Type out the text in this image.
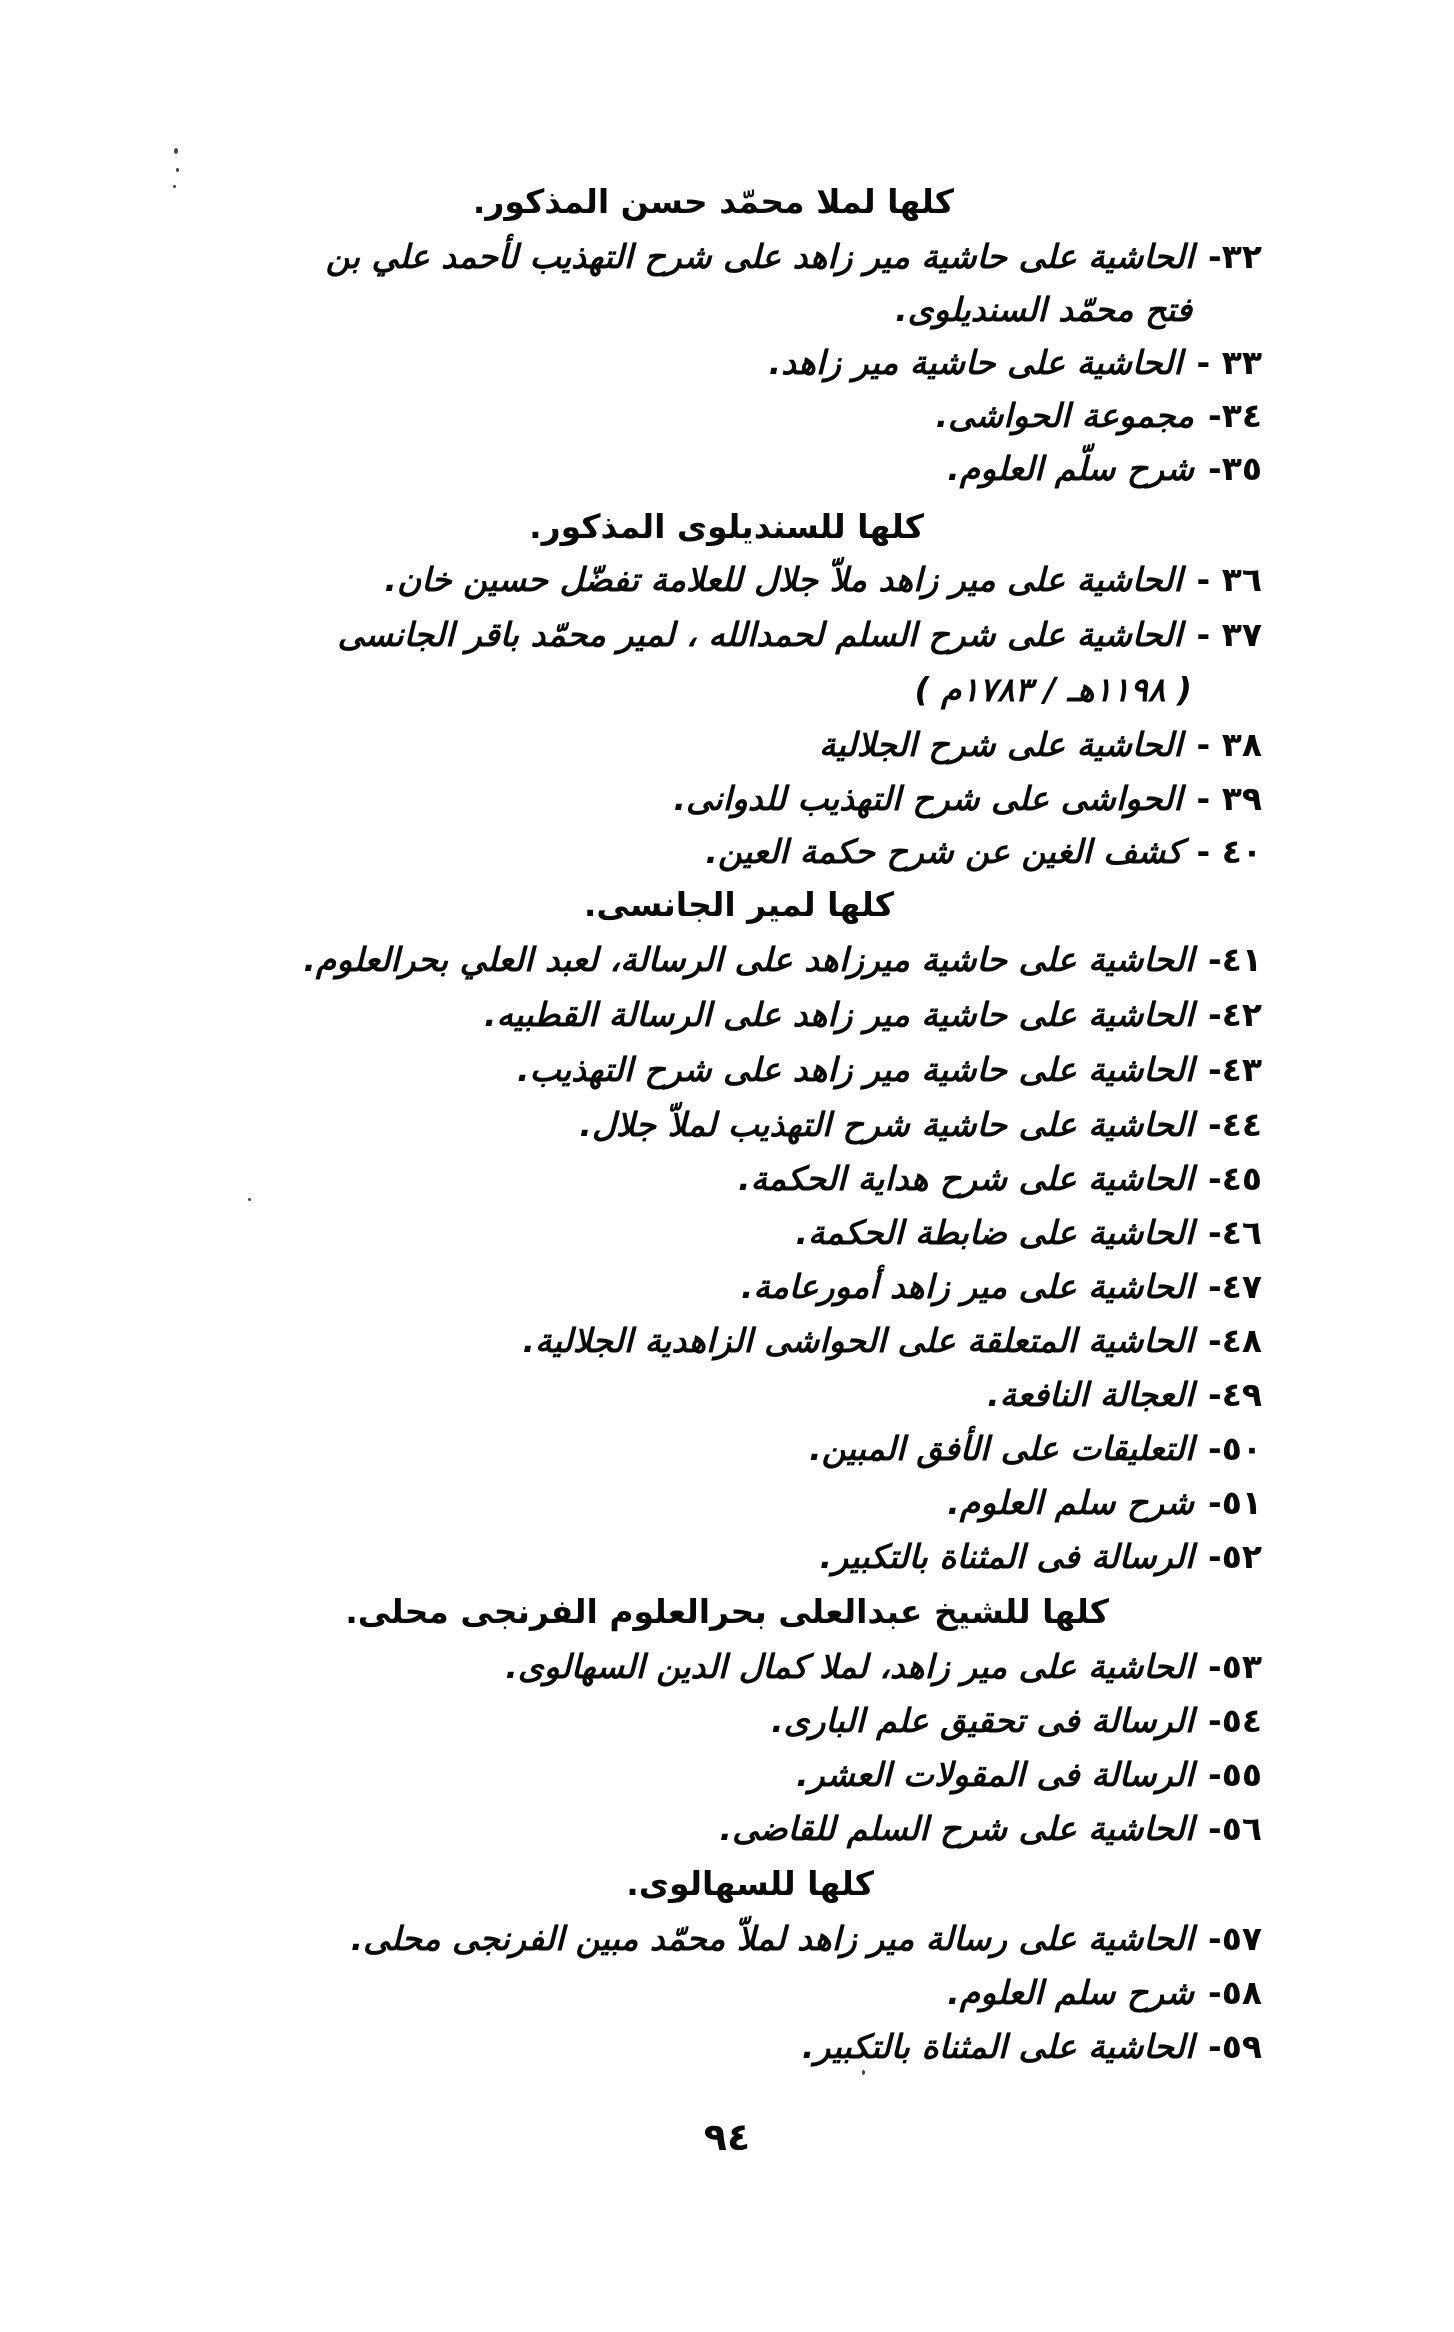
كلها لملا محمّد حسن المذكور.
٣٢-الحاشية على حاشية مير زاهد على شرح التهذيب لأحمد علي بن
فتح محمّد السنديلوى.
٣٣ -الحاشية على حاشية مير زاهد.
٣٤-مجموعة الحواشى.
٣٥-شرح سلّم العلوم.
كلها للسنديلوى المذكور.
٣٦ -الحاشية على مير زاهد ملاّ جلال للعلامة تفضّل حسين خان.
٣٧ -الحاشية على شرح السلم لحمدالله ، لمير محمّد باقر الجانسى
( ١١٩٨هـ / ١٧٨٣م )
٣٨ -الحاشية على شرح الجلالية
٣٩ -الحواشى على شرح التهذيب للدوانى.
٤٠ -كشف الغين عن شرح حكمة العين.
كلها لمير الجانسى.
٤١-الحاشية على حاشية ميرزاهد على الرسالة، لعبد العلي بحرالعلوم.
٤٢-الحاشية على حاشية مير زاهد على الرسالة القطبيه.
٤٣-الحاشية على حاشية مير زاهد على شرح التهذيب.
٤٤-الحاشية على حاشية شرح التهذيب لملاّ جلال.
٤٥-الحاشية على شرح هداية الحكمة.
٤٦-الحاشية على ضابطة الحكمة.
٤٧-الحاشية على مير زاهد أمورعامة.
٤٨-الحاشية المتعلقة على الحواشى الزاهدية الجلالية.
٤٩-العجالة النافعة.
٥٠-التعليقات على الأفق المبين.
٥١-شرح سلم العلوم.
٥٢-الرسالة فى المثناة بالتكبير.
كلها للشيخ عبدالعلى بحرالعلوم الفرنجى محلى.
٥٣-الحاشية على مير زاهد، لملا كمال الدين السهالوى.
٥٤-الرسالة فى تحقيق علم البارى.
٥٥-الرسالة فى المقولات العشر.
٥٦-الحاشية على شرح السلم للقاضى.
كلها للسهالوى.
٥٧-الحاشية على رسالة مير زاهد لملاّ محمّد مبين الفرنجى محلى.
٥٨-شرح سلم العلوم.
٥٩-الحاشية على المثناة بالتكبير.
٩٤
